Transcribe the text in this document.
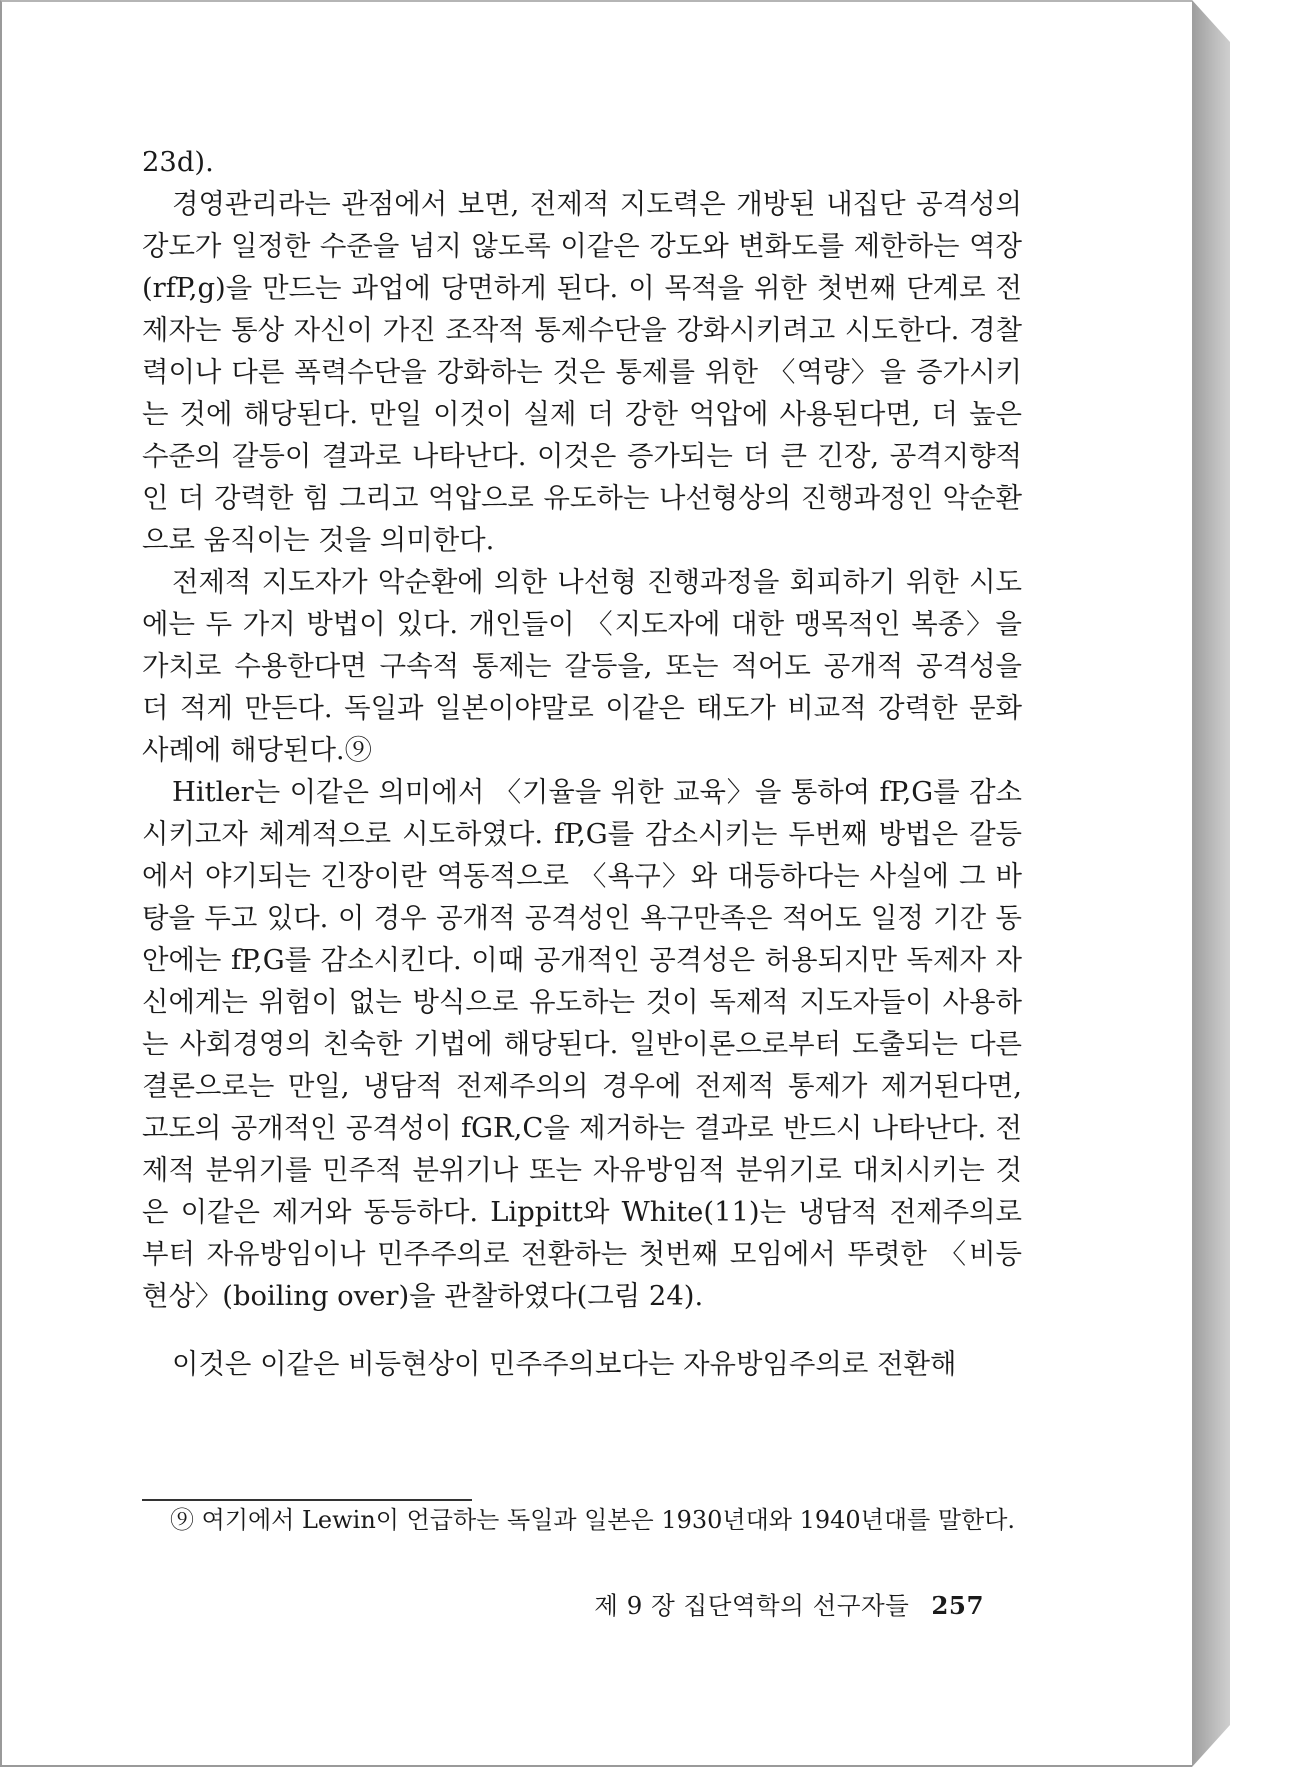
23d).

경영관리라는 관점에서 보면, 전제적 지도력은 개방된 내집단 공격성의 강도가 일정한 수준을 넘지 않도록 이같은 강도와 변화도를 제한하는 역장(rfP,g)을 만드는 과업에 당면하게 된다. 이 목적을 위한 첫번째 단계로 전제자는 통상 자신이 가진 조작적 통제수단을 강화시키려고 시도한다. 경찰력이나 다른 폭력수단을 강화하는 것은 통제를 위한 〈역량〉을 증가시키는 것에 해당된다. 만일 이것이 실제 더 강한 억압에 사용된다면, 더 높은 수준의 갈등이 결과로 나타난다. 이것은 증가되는 더 큰 긴장, 공격지향적인 더 강력한 힘 그리고 억압으로 유도하는 나선형상의 진행과정인 악순환으로 움직이는 것을 의미한다.

전제적 지도자가 악순환에 의한 나선형 진행과정을 회피하기 위한 시도에는 두 가지 방법이 있다. 개인들이 〈지도자에 대한 맹목적인 복종〉을 가치로 수용한다면 구속적 통제는 갈등을, 또는 적어도 공개적 공격성을 더 적게 만든다. 독일과 일본이야말로 이같은 태도가 비교적 강력한 문화사례에 해당된다.⑨

Hitler는 이같은 의미에서 〈기율을 위한 교육〉을 통하여 fP,G를 감소시키고자 체계적으로 시도하였다. fP,G를 감소시키는 두번째 방법은 갈등에서 야기되는 긴장이란 역동적으로 〈욕구〉와 대등하다는 사실에 그 바탕을 두고 있다. 이 경우 공개적 공격성인 욕구만족은 적어도 일정 기간 동안에는 fP,G를 감소시킨다. 이때 공개적인 공격성은 허용되지만 독제자 자신에게는 위험이 없는 방식으로 유도하는 것이 독제적 지도자들이 사용하는 사회경영의 친숙한 기법에 해당된다. 일반이론으로부터 도출되는 다른 결론으로는 만일, 냉담적 전제주의의 경우에 전제적 통제가 제거된다면, 고도의 공개적인 공격성이 fGR,C을 제거하는 결과로 반드시 나타난다. 전제적 분위기를 민주적 분위기나 또는 자유방임적 분위기로 대치시키는 것은 이같은 제거와 동등하다. Lippitt와 White(11)는 냉담적 전제주의로부터 자유방임이나 민주주의로 전환하는 첫번째 모임에서 뚜렷한 〈비등현상〉(boiling over)을 관찰하였다(그림 24).

이것은 이같은 비등현상이 민주주의보다는 자유방임주의로 전환해

⑨ 여기에서 Lewin이 언급하는 독일과 일본은 1930년대와 1940년대를 말한다.
제 9 장 집단역학의 선구자들 257
